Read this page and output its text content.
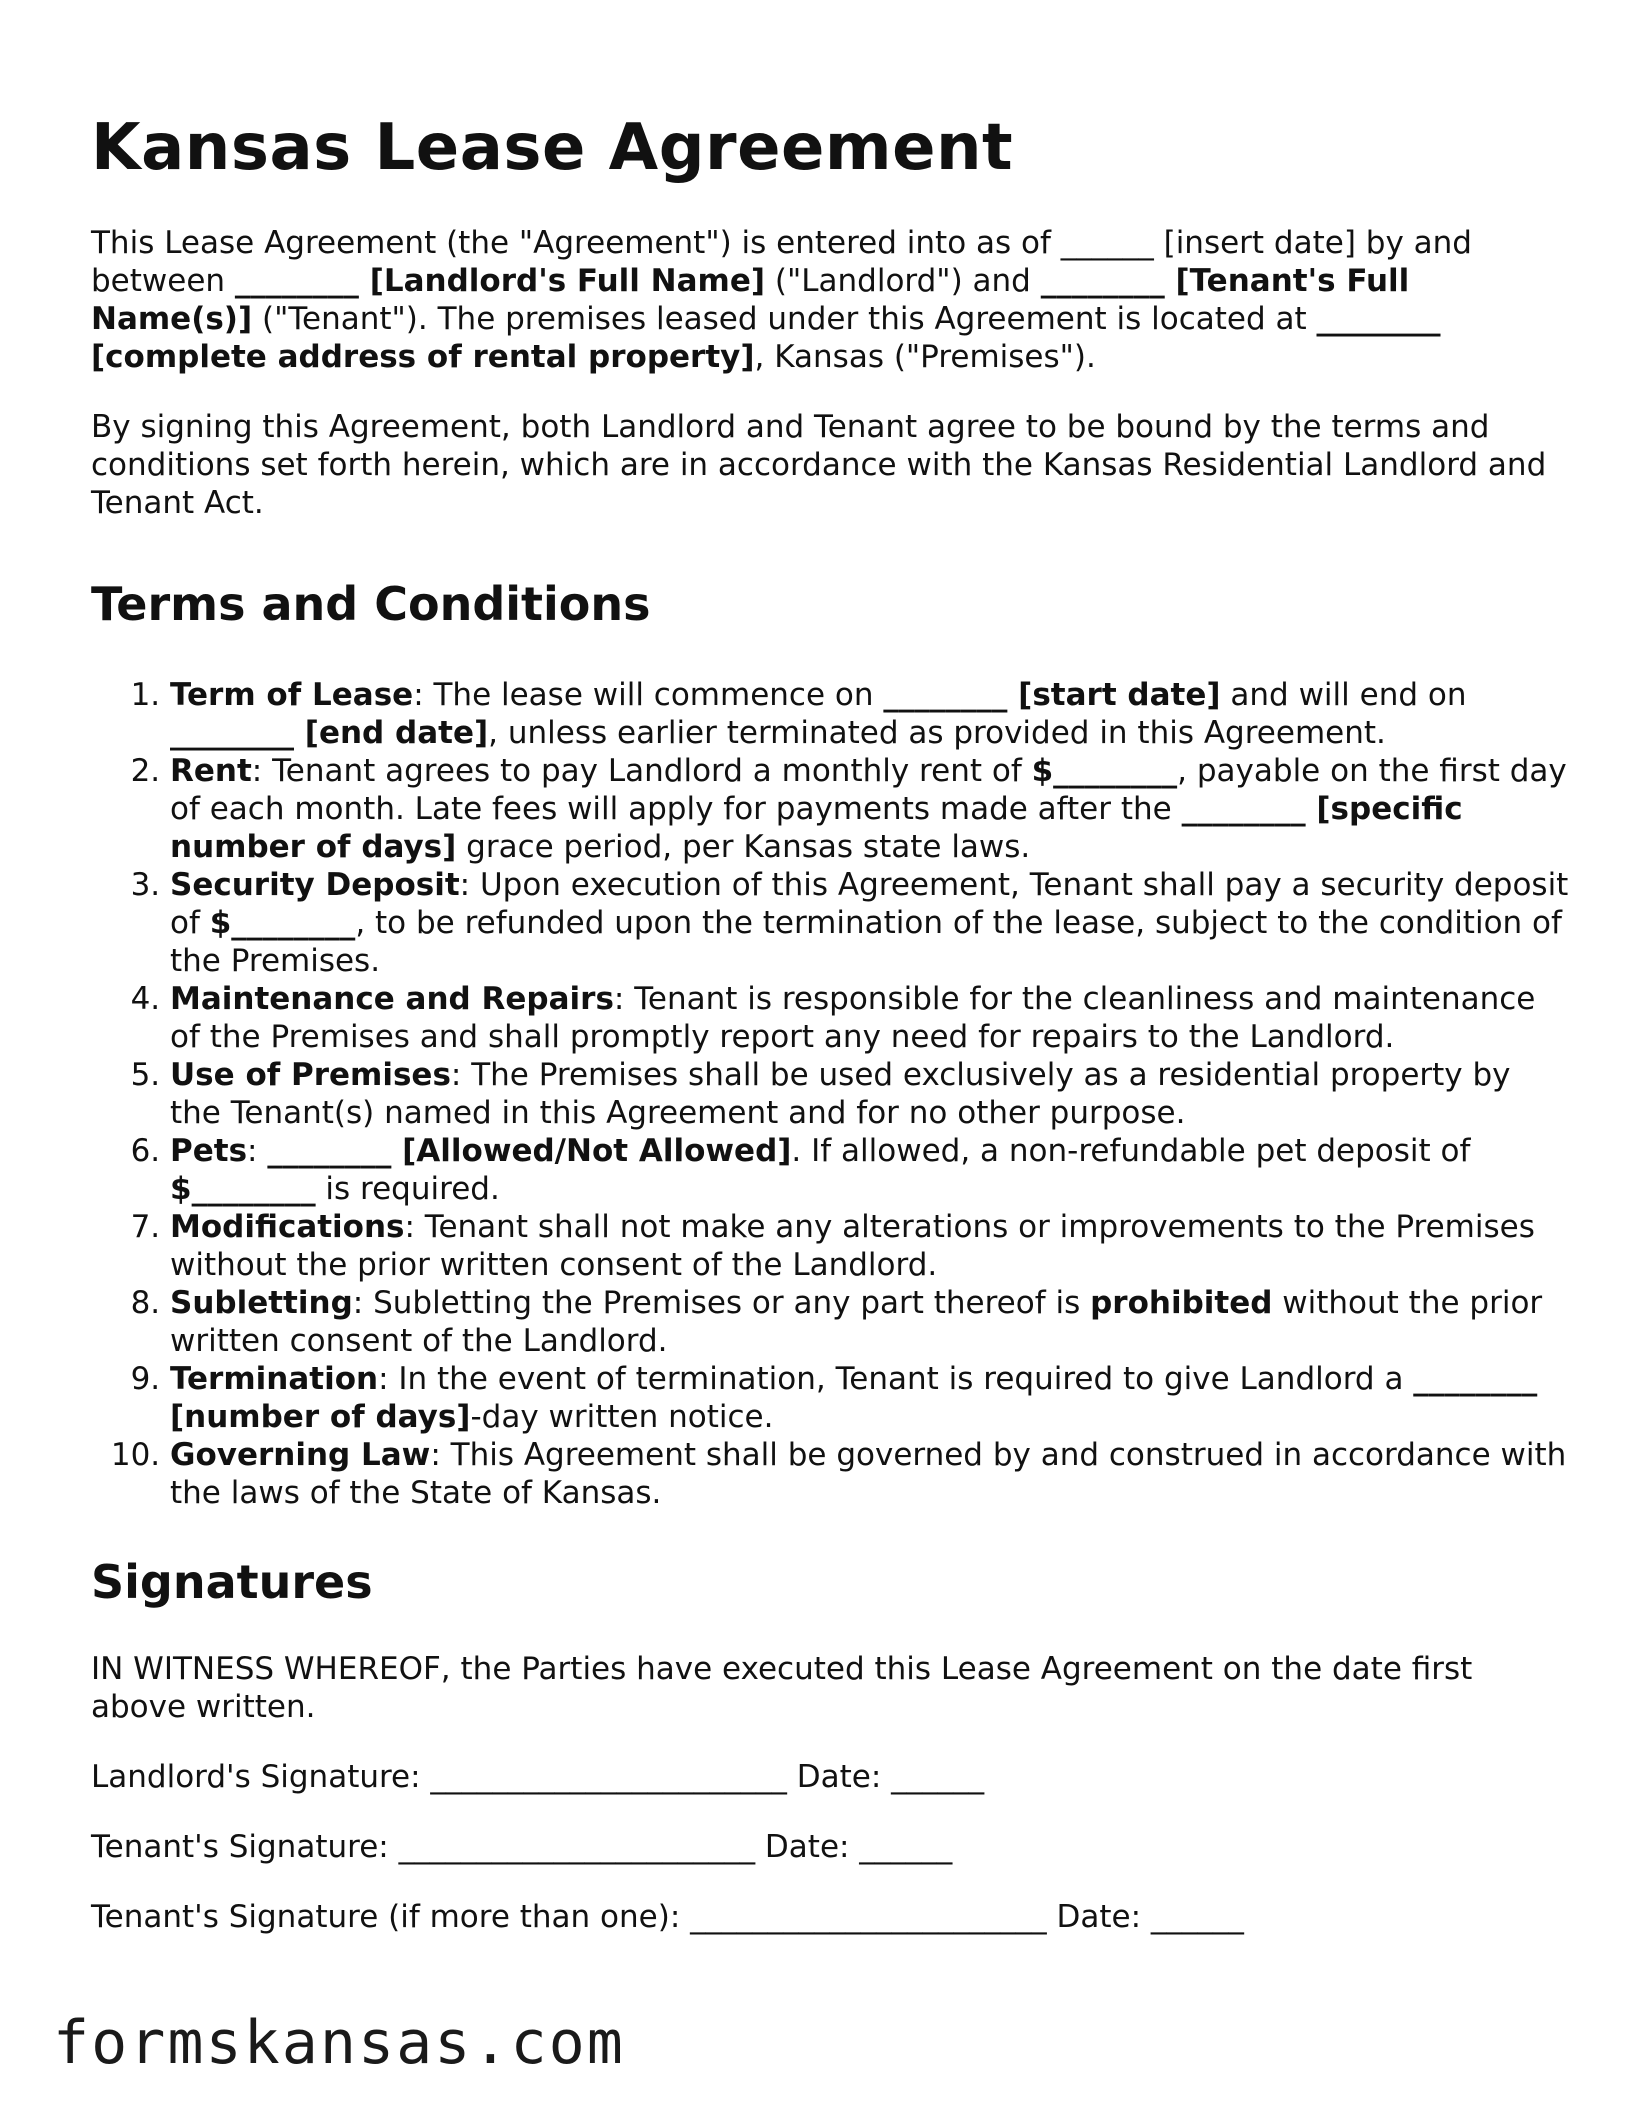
Kansas Lease Agreement

This Lease Agreement (the "Agreement") is entered into as of ______ [insert date] by and between ________ [Landlord's Full Name] ("Landlord") and ________ [Tenant's Full Name(s)] ("Tenant"). The premises leased under this Agreement is located at ________ [complete address of rental property], Kansas ("Premises").

By signing this Agreement, both Landlord and Tenant agree to be bound by the terms and conditions set forth herein, which are in accordance with the Kansas Residential Landlord and Tenant Act.

Terms and Conditions
1. Term of Lease: The lease will commence on ________ [start date] and will end on ________ [end date], unless earlier terminated as provided in this Agreement.
2. Rent: Tenant agrees to pay Landlord a monthly rent of $________, payable on the first day of each month. Late fees will apply for payments made after the ________ [specific number of days] grace period, per Kansas state laws.
3. Security Deposit: Upon execution of this Agreement, Tenant shall pay a security deposit of $________, to be refunded upon the termination of the lease, subject to the condition of the Premises.
4. Maintenance and Repairs: Tenant is responsible for the cleanliness and maintenance of the Premises and shall promptly report any need for repairs to the Landlord.
5. Use of Premises: The Premises shall be used exclusively as a residential property by the Tenant(s) named in this Agreement and for no other purpose.
6. Pets: ________ [Allowed/Not Allowed]. If allowed, a non-refundable pet deposit of $________ is required.
7. Modifications: Tenant shall not make any alterations or improvements to the Premises without the prior written consent of the Landlord.
8. Subletting: Subletting the Premises or any part thereof is prohibited without the prior written consent of the Landlord.
9. Termination: In the event of termination, Tenant is required to give Landlord a ________ [number of days]-day written notice.
10. Governing Law: This Agreement shall be governed by and construed in accordance with the laws of the State of Kansas.
Signatures

IN WITNESS WHEREOF, the Parties have executed this Lease Agreement on the date first above written.

Landlord's Signature: _______________________ Date: ______

Tenant's Signature: _______________________ Date: ______

Tenant's Signature (if more than one): _______________________ Date: ______

formskansas.com
